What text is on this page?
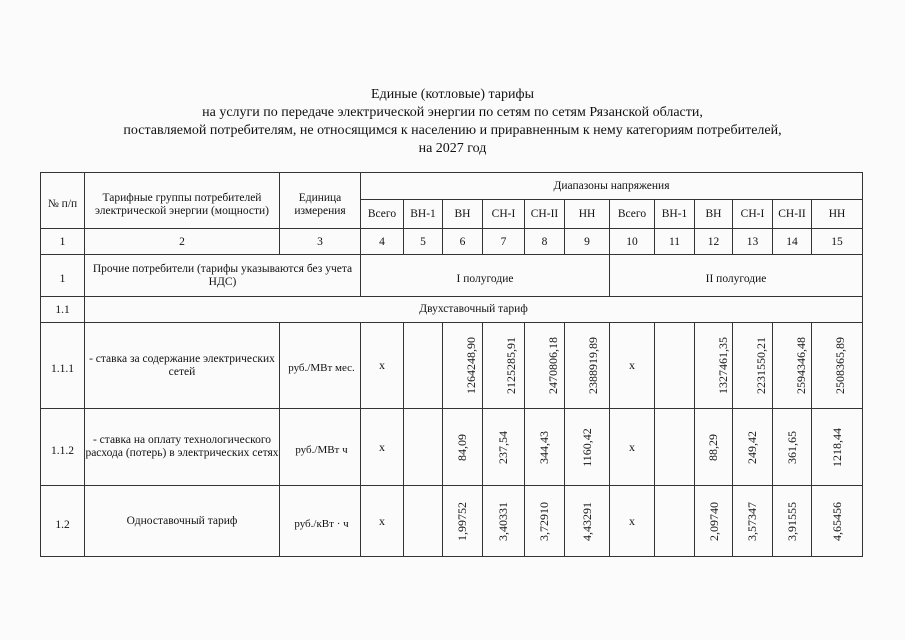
Единые (котловые) тарифы
на услуги по передаче электрической энергии по сетям по сетям Рязанской области,
поставляемой потребителям, не относящимся к населению и приравненным к нему категориям потребителей,
на 2027 год
№ п/п	Тарифные группы потребителей электрической энергии (мощности)	Единица измерения	Диапазоны напряжения											
			Всего	ВН-1	ВН	СН-I	СН-II	НН	Всего	ВН-1	ВН	СН-I	СН-II	НН
1	2	3	4	5	6	7	8	9	10	11	12	13	14	15
1	Прочие потребители (тарифы указываются без учета НДС)		I полугодие						II полугодие					
1.1	Двухставочный тариф													
1.1.1	- ставка за содержание электрических сетей	руб./МВт мес.	х		1264248,90	2125285,91	2470806,18	2388919,89	х		1327461,35	2231550,21	2594346,48	2508365,89
1.1.2	- ставка на оплату технологического расхода (потерь) в электрических сетях	руб./МВт ч	х		84,09	237,54	344,43	1160,42	х		88,29	249,42	361,65	1218,44
1.2	Одноставочный тариф	руб./кВт · ч	х		1,99752	3,40331	3,72910	4,43291	х		2,09740	3,57347	3,91555	4,65456
